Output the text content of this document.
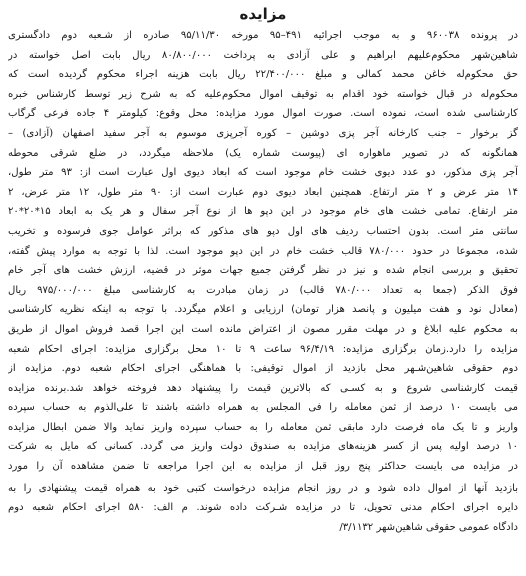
مزایده
در پرونده ۹۶۰۰۳۸ و به موجب اجرائیه ۴۹۱–۹۵ مورخه ۹۵/۱۱/۳۰ صادره از شـعبه دوم دادگستری
شاهین‌شهر محکوم‌علیهم ابراهیم و علی آزادی به پرداخت ۸۰/۸۰۰/۰۰۰ ریال بابت اصل خواسته در
حق محکوم‌له خاغن محمد کمالی و مبلغ ۲۲/۴۰۰/۰۰۰ ریال بابت هزینه اجراء محکوم گردیده است که
محکوم‌له در قبال خواسته خود اقدام به توقیف اموال محکوم‌علیه که به شرح زیر توسط کارشناس خبره
کارشناسی شده است، نموده است. صورت اموال مورد مزایده: محل وقوع: کیلومتر ۴ جاده فرعی گرگاب
گز برخوار – جنب کارخانه آجر پزی دوشین – کوره آجرپزی موسوم به آجر سفید اصفهان (آزادی) –
همانگونه که در تصویر ماهواره ای (پیوست شماره یک) ملاحظه میگردد، در ضلع شرقی محوطه
آجر پزی مذکور، دو عدد دیوی خشت خام موجود است که ابعاد دیوی اول عبارت است از: ۹۳ متر طول،
۱۴ متر عرض و ۲ متر ارتفاع. همچنین ابعاد دیوی دوم عبارت است از: ۹۰ متر طول، ۱۲ متر عرض، ۲
متر ارتفاع. تمامی خشت های خام موجود در این دپو ها از نوع آجر سفال و هر یک به ابعاد ۱۵*۲۰*۲۰
سانتی متر است. بدون احتساب ردیف های اول دپو های مذکور که براثر عوامل جوی فرسوده و تخریب
شده، مجموعا در حدود ۷۸۰/۰۰۰ قالب خشت خام در این دپو موجود است. لذا با توجه به موارد پیش گفته،
تحقیق و بررسی انجام شده و نیز در نظر گرفتن جمیع جهات موثر در قضیه، ارزش خشت های آجر خام
فوق الذکر (جمعا به تعداد ۷۸۰/۰۰۰ قالب) در زمان مبادرت به کارشناسی مبلغ ۹۷۵/۰۰۰/۰۰۰ ریال
(معادل نود و هفت میلیون و پانصد هزار تومان) ارزیابی و اعلام میگردد. با توجه به اینکه نظریه کارشناسی
به محکوم علیه ابلاغ و در مهلت مقرر مصون از اعتراض مانده است این اجرا قصد فروش اموال از طریق
مزایده را دارد.زمان برگزاری مزایده: ۹۶/۴/۱۹ ساعت ۹ تا ۱۰ محل برگزاری مزایده: اجرای احکام شعبه
دوم حقوقی شاهین‌شـهر محل بازدید از اموال توقیفی: با هماهنگی اجرای احکام شعبه دوم. مزایده از
قیمت کارشناسی شروع و به کسـی که بالاترین قیمت را پیشنهاد دهد فروخته خواهد شد.برنده مزایده
می بایست ۱۰ درصد از ثمن معامله را فی المجلس به همراه داشته باشند تا علی‌الذوم به حساب سپرده
واریز و تا یک ماه فرصت دارد مابقی ثمن معامله را به حساب سپرده واریز نماید والا ضمن ابطال مزایده
۱۰ درصد اولیه پس از کسر هزینه‌های مزایده به صندوق دولت واریز می گردد. کسانی که مایل به شرکت
در مزایده می بایست حداکثر پنج روز قبل از مزایده به این اجرا مراجعه تا ضمن مشاهده آن را مورد
بازدید آنها از اموال داده شود و در روز انجام مزایده درخواست کتبی خود به همراه قیمت پیشنهادی را به
دایره اجرای احکام مدنی تحویل، تا در مزایده شـرکت داده شوند. م الف: ۵۸۰ اجرای احکام شعبه دوم
دادگاه عمومی حقوقی شاهین‌شهر ۳/۱۱۳۲/
